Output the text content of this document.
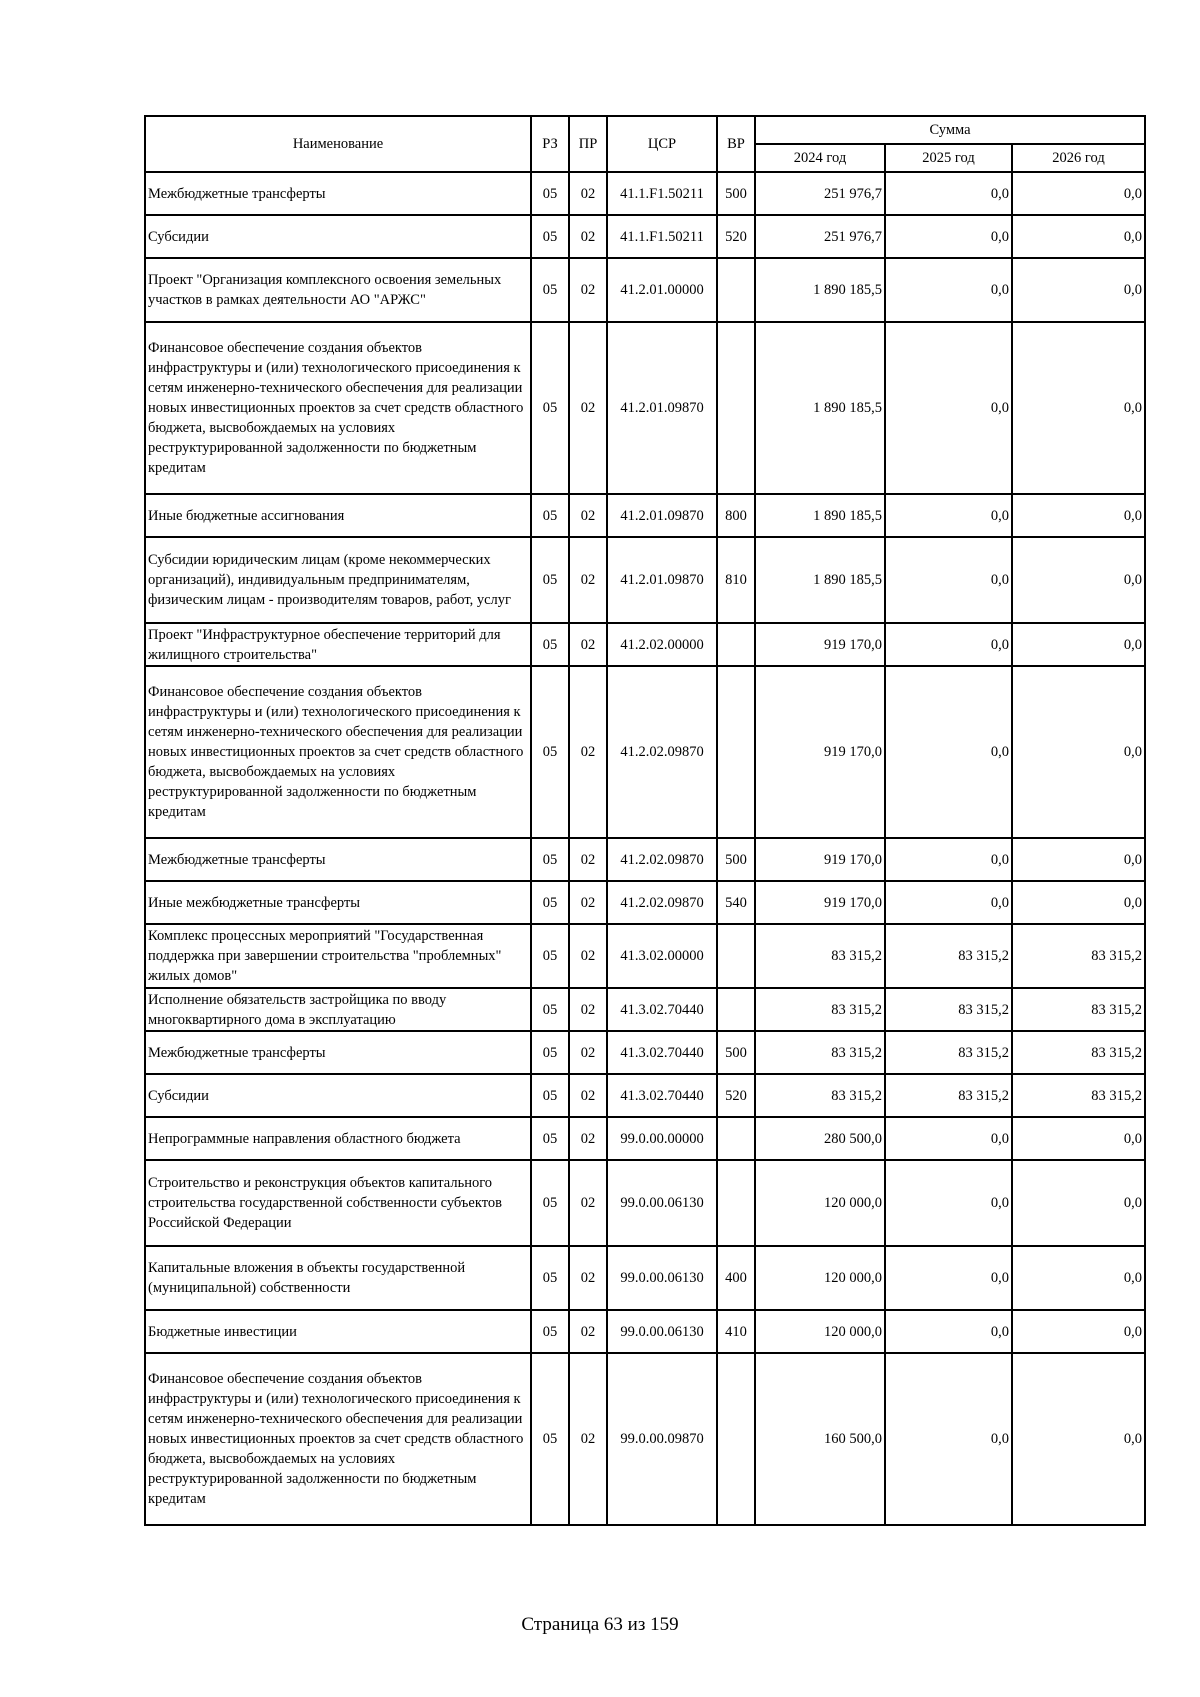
Наименование	РЗ	ПР	ЦСР	ВР	Сумма		
					2024 год	2025 год	2026 год
Межбюджетные трансферты	05	02	41.1.F1.50211	500	251 976,7	0,0	0,0
Субсидии	05	02	41.1.F1.50211	520	251 976,7	0,0	0,0
Проект "Организация комплексного освоения земельных участков в рамках деятельности АО "АРЖС"	05	02	41.2.01.00000		1 890 185,5	0,0	0,0
Финансовое обеспечение создания объектов инфраструктуры и (или) технологического присоединения к сетям инженерно-технического обеспечения для реализации новых инвестиционных проектов за счет средств областного бюджета, высвобождаемых на условиях реструктурированной задолженности по бюджетным кредитам	05	02	41.2.01.09870		1 890 185,5	0,0	0,0
Иные бюджетные ассигнования	05	02	41.2.01.09870	800	1 890 185,5	0,0	0,0
Субсидии юридическим лицам (кроме некоммерческих организаций), индивидуальным предпринимателям, физическим лицам - производителям товаров, работ, услуг	05	02	41.2.01.09870	810	1 890 185,5	0,0	0,0
Проект "Инфраструктурное обеспечение территорий для жилищного строительства"	05	02	41.2.02.00000		919 170,0	0,0	0,0
Финансовое обеспечение создания объектов инфраструктуры и (или) технологического присоединения к сетям инженерно-технического обеспечения для реализации новых инвестиционных проектов за счет средств областного бюджета, высвобождаемых на условиях реструктурированной задолженности по бюджетным кредитам	05	02	41.2.02.09870		919 170,0	0,0	0,0
Межбюджетные трансферты	05	02	41.2.02.09870	500	919 170,0	0,0	0,0
Иные межбюджетные трансферты	05	02	41.2.02.09870	540	919 170,0	0,0	0,0
Комплекс процессных мероприятий "Государственная поддержка при завершении строительства "проблемных" жилых домов"	05	02	41.3.02.00000		83 315,2	83 315,2	83 315,2
Исполнение обязательств застройщика по вводу многоквартирного дома в эксплуатацию	05	02	41.3.02.70440		83 315,2	83 315,2	83 315,2
Межбюджетные трансферты	05	02	41.3.02.70440	500	83 315,2	83 315,2	83 315,2
Субсидии	05	02	41.3.02.70440	520	83 315,2	83 315,2	83 315,2
Непрограммные направления областного бюджета	05	02	99.0.00.00000		280 500,0	0,0	0,0
Строительство и реконструкция объектов капитального строительства государственной собственности субъектов Российской Федерации	05	02	99.0.00.06130		120 000,0	0,0	0,0
Капитальные вложения в объекты государственной (муниципальной) собственности	05	02	99.0.00.06130	400	120 000,0	0,0	0,0
Бюджетные инвестиции	05	02	99.0.00.06130	410	120 000,0	0,0	0,0
Финансовое обеспечение создания объектов инфраструктуры и (или) технологического присоединения к сетям инженерно-технического обеспечения для реализации новых инвестиционных проектов за счет средств областного бюджета, высвобождаемых на условиях реструктурированной задолженности по бюджетным кредитам	05	02	99.0.00.09870		160 500,0	0,0	0,0
Страница 63 из 159
